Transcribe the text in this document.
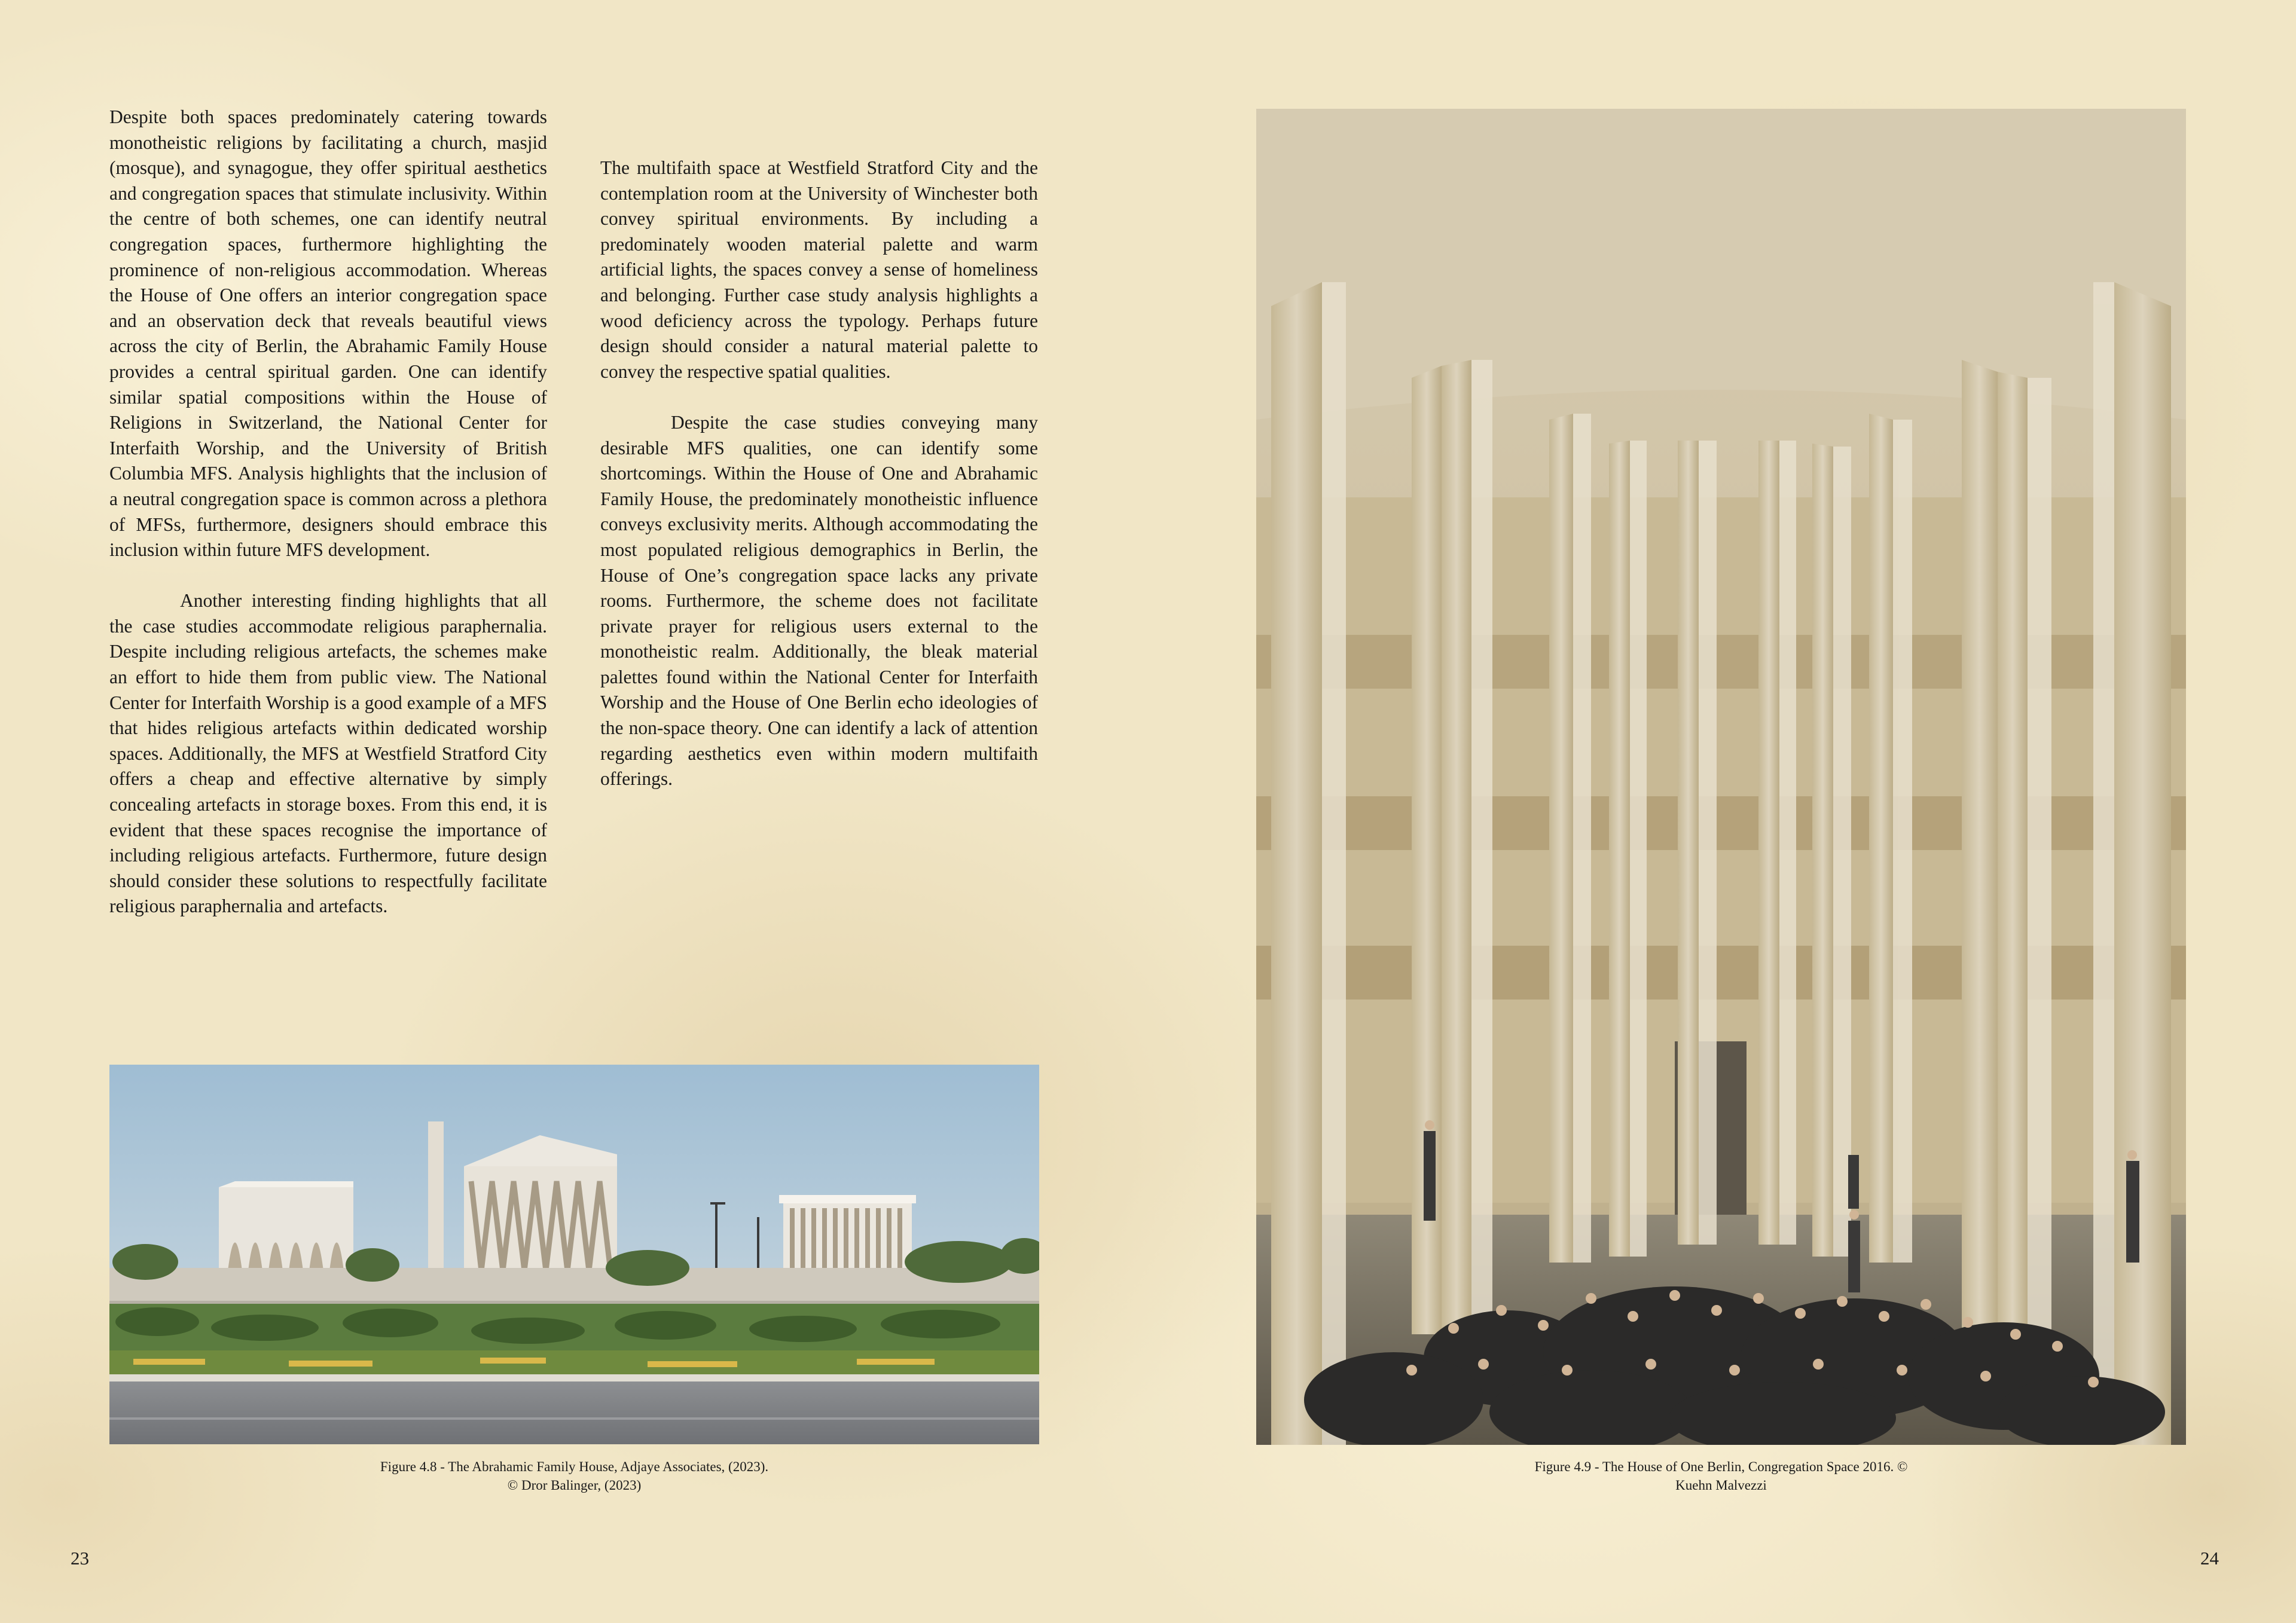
Despite both spaces predominately catering towards monotheistic religions by facilitating a church, masjid (mosque), and synagogue, they offer spiritual aesthetics and congregation spaces that stimulate inclusivity. Within the centre of both schemes, one can identify neutral congregation spaces, furthermore highlighting the prominence of non-religious accommodation. Whereas the House of One offers an interior congregation space and an observation deck that reveals beautiful views across the city of Berlin, the Abrahamic Family House provides a central spiritual garden. One can identify similar spatial compositions within the House of Religions in Switzerland, the National Center for Interfaith Worship, and the University of British Columbia MFS. Analysis highlights that the inclusion of a neutral congregation space is common across a plethora of MFSs, furthermore, designers should embrace this inclusion within future MFS development.

Another interesting finding highlights that all the case studies accommodate religious paraphernalia. Despite including religious artefacts, the schemes make an effort to hide them from public view. The National Center for Interfaith Worship is a good example of a MFS that hides religious artefacts within dedicated worship spaces. Additionally, the MFS at Westfield Stratford City offers a cheap and effective alternative by simply concealing artefacts in storage boxes. From this end, it is evident that these spaces recognise the importance of including religious artefacts. Furthermore, future design should consider these solutions to respectfully facilitate religious paraphernalia and artefacts.

The multifaith space at Westfield Stratford City and the contemplation room at the University of Winchester both convey spiritual environments. By including a predominately wooden material palette and warm artificial lights, the spaces convey a sense of homeliness and belonging. Further case study analysis highlights a wood deficiency across the typology. Perhaps future design should consider a natural material palette to convey the respective spatial qualities.

Despite the case studies conveying many desirable MFS qualities, one can identify some shortcomings. Within the House of One and Abrahamic Family House, the predominately monotheistic influence conveys exclusivity merits. Although accommodating the most populated religious demographics in Berlin, the House of One’s congregation space lacks any private rooms. Furthermore, the scheme does not facilitate private prayer for religious users external to the monotheistic realm. Additionally, the bleak material palettes found within the National Center for Interfaith Worship and the House of One Berlin echo ideologies of the non-space theory. One can identify a lack of attention regarding aesthetics even within modern multifaith offerings.

Figure 4.8 - The Abrahamic Family House, Adjaye Associates, (2023).
© Dror Balinger, (2023)
Figure 4.9 - The House of One Berlin, Congregation Space 2016. ©
Kuehn Malvezzi
23	24
